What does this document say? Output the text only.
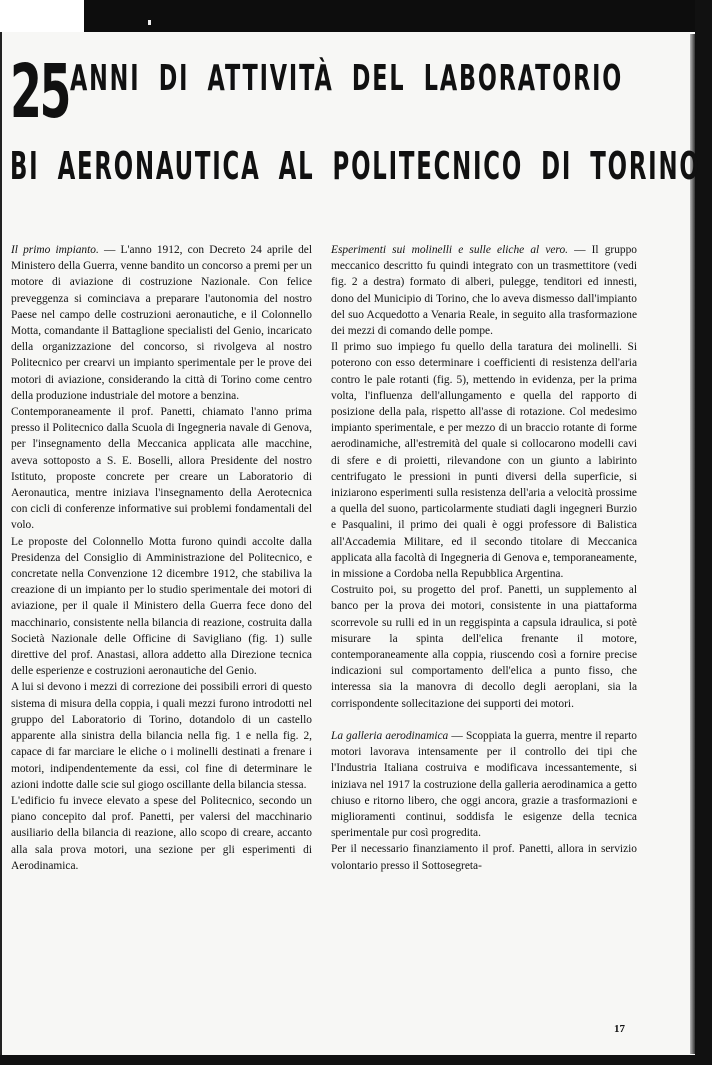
25 ANNI DI ATTIVITÀ DEL LABORATORIO
BI AERONAUTICA AL POLITECNICO DI TORINO

Il primo impianto. — L'anno 1912, con Decreto 24 aprile del Ministero della Guerra, venne bandito un concorso a premi per un motore di aviazione di costruzione Nazionale. Con felice preveggenza si cominciava a preparare l'autonomia del nostro Paese nel campo delle costruzioni aeronautiche, e il Colonnello Motta, comandante il Battaglione specialisti del Genio, incaricato della organizzazione del concorso, si rivolgeva al nostro Politecnico per crearvi un impianto sperimentale per le prove dei motori di aviazione, considerando la città di Torino come centro della produzione industriale del motore a benzina.

Contemporaneamente il prof. Panetti, chiamato l'anno prima presso il Politecnico dalla Scuola di Ingegneria navale di Genova, per l'insegnamento della Meccanica applicata alle macchine, aveva sottoposto a S. E. Boselli, allora Presidente del nostro Istituto, proposte concrete per creare un Laboratorio di Aeronautica, mentre iniziava l'insegnamento della Aerotecnica con cicli di conferenze informative sui problemi fondamentali del volo.

Le proposte del Colonnello Motta furono quindi accolte dalla Presidenza del Consiglio di Amministrazione del Politecnico, e concretate nella Convenzione 12 dicembre 1912, che stabiliva la creazione di un impianto per lo studio sperimentale dei motori di aviazione, per il quale il Ministero della Guerra fece dono del macchinario, consistente nella bilancia di reazione, costruita dalla Società Nazionale delle Officine di Savigliano (fig. 1) sulle direttive del prof. Anastasi, allora addetto alla Direzione tecnica delle esperienze e costruzioni aeronautiche del Genio.

A lui si devono i mezzi di correzione dei possibili errori di questo sistema di misura della coppia, i quali mezzi furono introdotti nel gruppo del Laboratorio di Torino, dotandolo di un castello apparente alla sinistra della bilancia nella fig. 1 e nella fig. 2, capace di far marciare le eliche o i molinelli destinati a frenare i motori, indipendentemente da essi, col fine di determinare le azioni indotte dalle scie sul giogo oscillante della bilancia stessa.

L'edificio fu invece elevato a spese del Politecnico, secondo un piano concepito dal prof. Panetti, per valersi del macchinario ausiliario della bilancia di reazione, allo scopo di creare, accanto alla sala prova motori, una sezione per gli esperimenti di Aerodinamica.

Esperimenti sui molinelli e sulle eliche al vero. — Il gruppo meccanico descritto fu quindi integrato con un trasmettitore (vedi fig. 2 a destra) formato di alberi, pulegge, tenditori ed innesti, dono del Municipio di Torino, che lo aveva dismesso dall'impianto del suo Acquedotto a Venaria Reale, in seguito alla trasformazione dei mezzi di comando delle pompe.

Il primo suo impiego fu quello della taratura dei molinelli. Si poterono con esso determinare i coefficienti di resistenza dell'aria contro le pale rotanti (fig. 5), mettendo in evidenza, per la prima volta, l'influenza dell'allungamento e quella del rapporto di posizione della pala, rispetto all'asse di rotazione. Col medesimo impianto sperimentale, e per mezzo di un braccio rotante di forme aerodinamiche, all'estremità del quale si collocarono modelli cavi di sfere e di proietti, rilevandone con un giunto a labirinto centrifugato le pressioni in punti diversi della superficie, si iniziarono esperimenti sulla resistenza dell'aria a velocità prossime a quella del suono, particolarmente studiati dagli ingegneri Burzio e Pasqualini, il primo dei quali è oggi professore di Balistica all'Accademia Militare, ed il secondo titolare di Meccanica applicata alla facoltà di Ingegneria di Genova e, temporaneamente, in missione a Cordoba nella Repubblica Argentina.

Costruito poi, su progetto del prof. Panetti, un supplemento al banco per la prova dei motori, consistente in una piattaforma scorrevole su rulli ed in un reggispinta a capsula idraulica, si potè misurare la spinta dell'elica frenante il motore, contemporaneamente alla coppia, riuscendo così a fornire precise indicazioni sul comportamento dell'elica a punto fisso, che interessa sia la manovra di decollo degli aeroplani, sia la corrispondente sollecitazione dei supporti dei motori.

La galleria aerodinamica — Scoppiata la guerra, mentre il reparto motori lavorava intensamente per il controllo dei tipi che l'Industria Italiana costruiva e modificava incessantemente, si iniziava nel 1917 la costruzione della galleria aerodinamica a getto chiuso e ritorno libero, che oggi ancora, grazie a trasformazioni e miglioramenti continui, soddisfa le esigenze della tecnica sperimentale pur così progredita.

Per il necessario finanziamento il prof. Panetti, allora in servizio volontario presso il Sottosegreta-

17
